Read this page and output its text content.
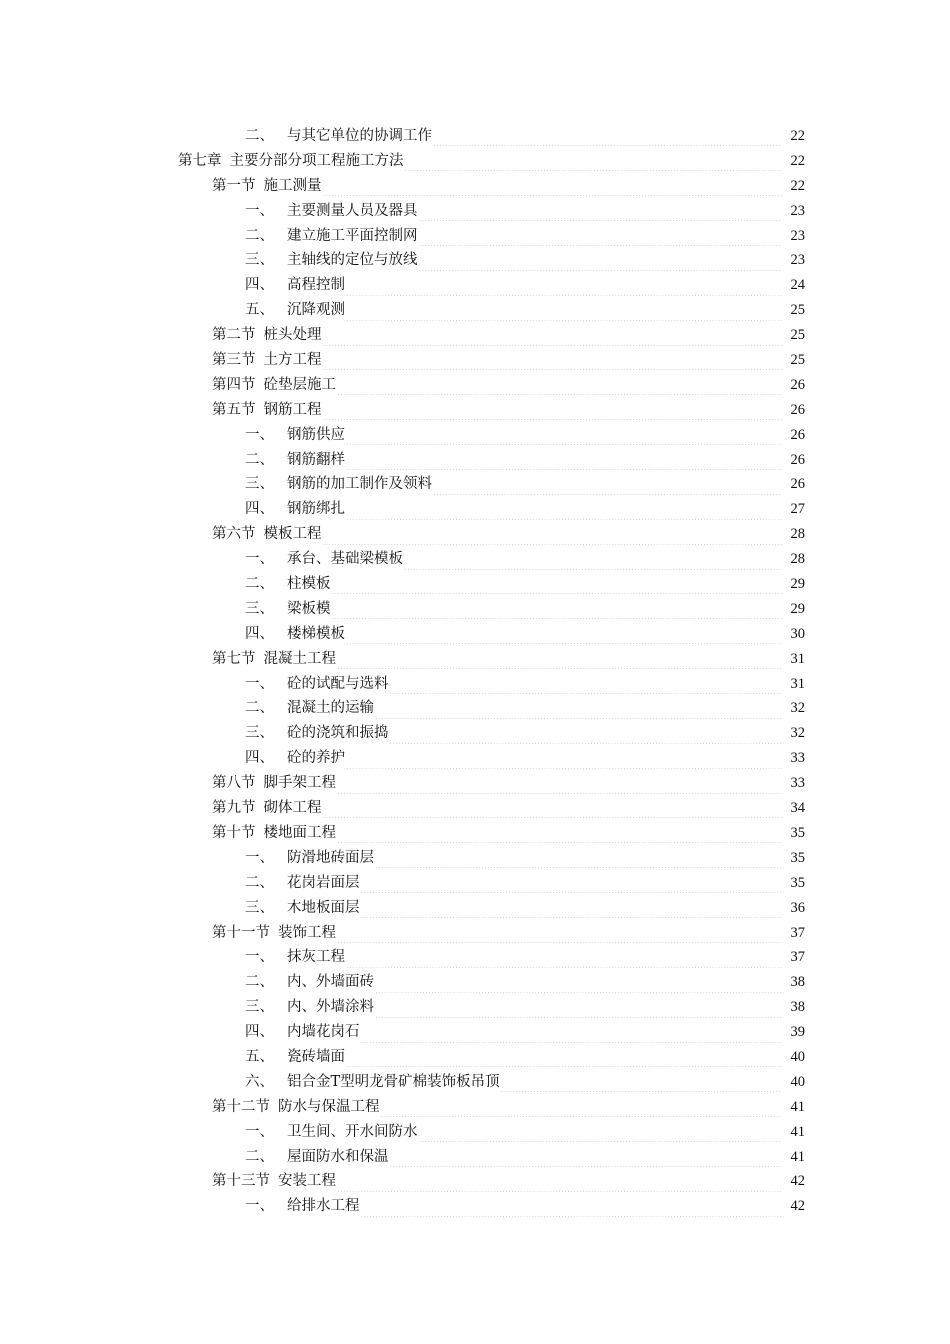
二、 与其它单位的协调工作 .....	22
第七章 主要分部分项工程施工方法 .....	22
第一节 施工测量 .....	22
一、 主要测量人员及器具 .....	23
二、 建立施工平面控制网 .....	23
三、 主轴线的定位与放线 .....	23
四、 高程控制 .....	24
五、 沉降观测 .....	25
第二节 桩头处理 .....	25
第三节 土方工程 .....	25
第四节 砼垫层施工 .....	26
第五节 钢筋工程 .....	26
一、 钢筋供应 .....	26
二、 钢筋翻样 .....	26
三、 钢筋的加工制作及领料 .....	26
四、 钢筋绑扎 .....	27
第六节 模板工程 .....	28
一、 承台、基础梁模板 .....	28
二、 柱模板 .....	29
三、 梁板模 .....	29
四、 楼梯模板 .....	30
第七节 混凝土工程 .....	31
一、 砼的试配与选料 .....	31
二、 混凝土的运输 .....	32
三、 砼的浇筑和振捣 .....	32
四、 砼的养护 .....	33
第八节 脚手架工程 .....	33
第九节 砌体工程 .....	34
第十节 楼地面工程 .....	35
一、 防滑地砖面层 .....	35
二、 花岗岩面层 .....	35
三、 木地板面层 .....	36
第十一节 装饰工程 .....	37
一、 抹灰工程 .....	37
二、 内、外墙面砖 .....	38
三、 内、外墙涂料 .....	38
四、 内墙花岗石 .....	39
五、 瓷砖墙面 .....	40
六、 铝合金T型明龙骨矿棉装饰板吊顶 .....	40
第十二节 防水与保温工程 .....	41
一、 卫生间、开水间防水 .....	41
二、 屋面防水和保温 .....	41
第十三节 安装工程 .....	42
一、 给排水工程 .....	42
